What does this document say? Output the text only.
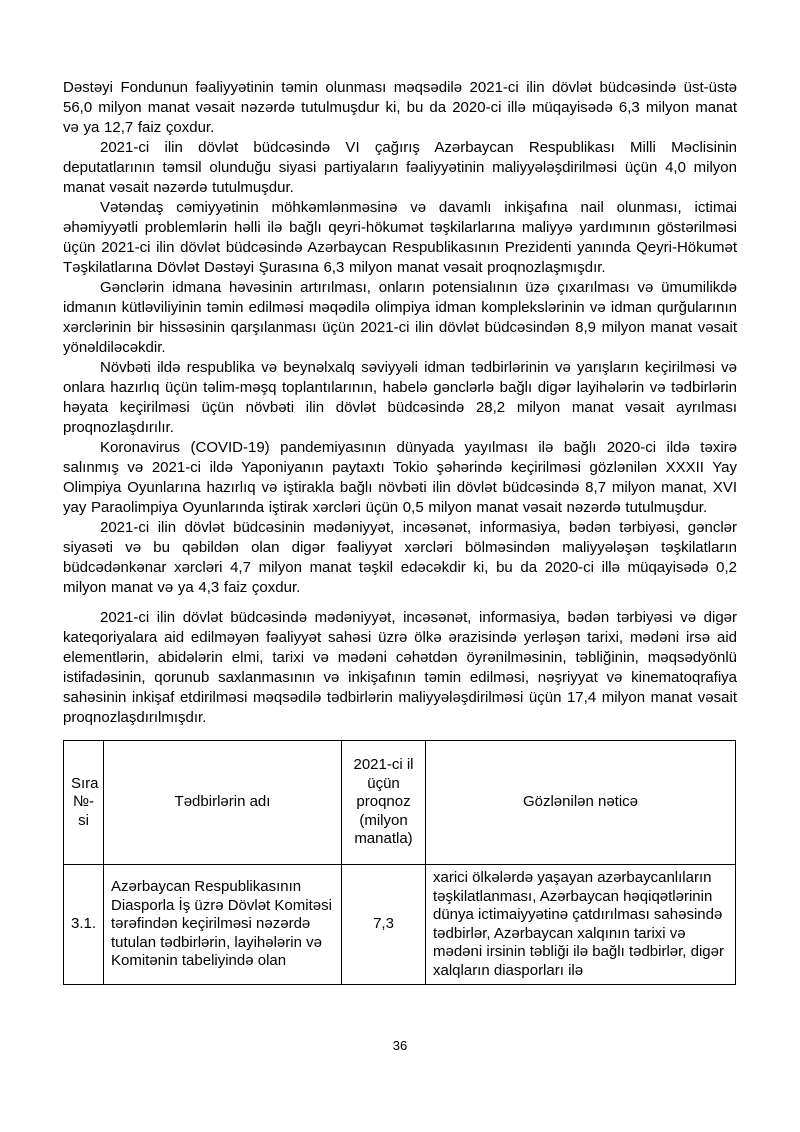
Dəstəyi Fondunun fəaliyyətinin təmin olunması məqsədilə 2021-ci ilin dövlət büdcəsində üst-üstə 56,0 milyon manat vəsait nəzərdə tutulmuşdur ki, bu da 2020-ci illə müqayisədə 6,3 milyon manat və ya 12,7 faiz çoxdur.

2021-ci ilin dövlət büdcəsində VI çağırış Azərbaycan Respublikası Milli Məclisinin deputatlarının təmsil olunduğu siyasi partiyaların fəaliyyətinin maliyyələşdirilməsi üçün 4,0 milyon manat vəsait nəzərdə tutulmuşdur.

Vətəndaş cəmiyyətinin möhkəmlənməsinə və davamlı inkişafına nail olunması, ictimai əhəmiyyətli problemlərin həlli ilə bağlı qeyri-hökumət təşkilarlarına maliyyə yardımının göstərilməsi üçün 2021-ci ilin dövlət büdcəsində Azərbaycan Respublikasının Prezidenti yanında Qeyri-Hökumət Təşkilatlarına Dövlət Dəstəyi Şurasına 6,3 milyon manat vəsait proqnozlaşmışdır.

Gənclərin idmana həvəsinin artırılması, onların potensialının üzə çıxarılması və ümumilikdə idmanın kütləviliyinin təmin edilməsi məqədilə olimpiya idman komplekslərinin və idman qurğularının xərclərinin bir hissəsinin qarşılanması üçün 2021-ci ilin dövlət büdcəsindən 8,9 milyon manat vəsait yönəldiləcəkdir.

Növbəti ildə respublika və beynəlxalq səviyyəli idman tədbirlərinin və yarışların keçirilməsi və onlara hazırlıq üçün təlim-məşq toplantılarının, habelə gənclərlə bağlı digər layihələrin və tədbirlərin həyata keçirilməsi üçün növbəti ilin dövlət büdcəsində 28,2 milyon manat vəsait ayrılması proqnozlaşdırılır.

Koronavirus (COVID-19) pandemiyasının dünyada yayılması ilə bağlı 2020-ci ildə təxirə salınmış və 2021-ci ildə Yaponiyanın paytaxtı Tokio şəhərində keçirilməsi gözlənilən XXXII Yay Olimpiya Oyunlarına hazırlıq və iştirakla bağlı növbəti ilin dövlət büdcəsində 8,7 milyon manat, XVI yay Paraolimpiya Oyunlarında iştirak xərcləri üçün 0,5 milyon manat vəsait nəzərdə tutulmuşdur.

2021-ci ilin dövlət büdcəsinin mədəniyyət, incəsənət, informasiya, bədən tərbiyəsi, gənclər siyasəti və bu qəbildən olan digər fəaliyyət xərcləri bölməsindən maliyyələşən təşkilatların büdcədənkənar xərcləri 4,7 milyon manat təşkil edəcəkdir ki, bu da 2020-ci illə müqayisədə 0,2 milyon manat və ya 4,3 faiz çoxdur.

2021-ci ilin dövlət büdcəsində mədəniyyət, incəsənət, informasiya, bədən tərbiyəsi və digər kateqoriyalara aid edilməyən fəaliyyət sahəsi üzrə ölkə ərazisində yerləşən tarixi, mədəni irsə aid elementlərin, abidələrin elmi, tarixi və mədəni cəhətdən öyrənilməsinin, təbliğinin, məqsədyönlü istifadəsinin, qorunub saxlanmasının və inkişafının təmin edilməsi, nəşriyyat və kinematoqrafiya sahəsinin inkişaf etdirilməsi məqsədilə tədbirlərin maliyyələşdirilməsi üçün 17,4 milyon manat vəsait proqnozlaşdırılmışdır.

Sıra №-si	Tədbirlərin adı	2021-ci il üçün proqnoz (milyon manatla)	Gözlənilən nəticə
3.1.	Azərbaycan Respublikasının Diasporla İş üzrə Dövlət Komitəsi tərəfindən keçirilməsi nəzərdə tutulan tədbirlərin, layihələrin və Komitənin tabeliyində olan	7,3	xarici ölkələrdə yaşayan azərbaycanlıların təşkilatlanması, Azərbaycan həqiqətlərinin dünya ictimaiyyətinə çatdırılması sahəsində tədbirlər, Azərbaycan xalqının tarixi və mədəni irsinin təbliği ilə bağlı tədbirlər, digər xalqların diasporları ilə
36
